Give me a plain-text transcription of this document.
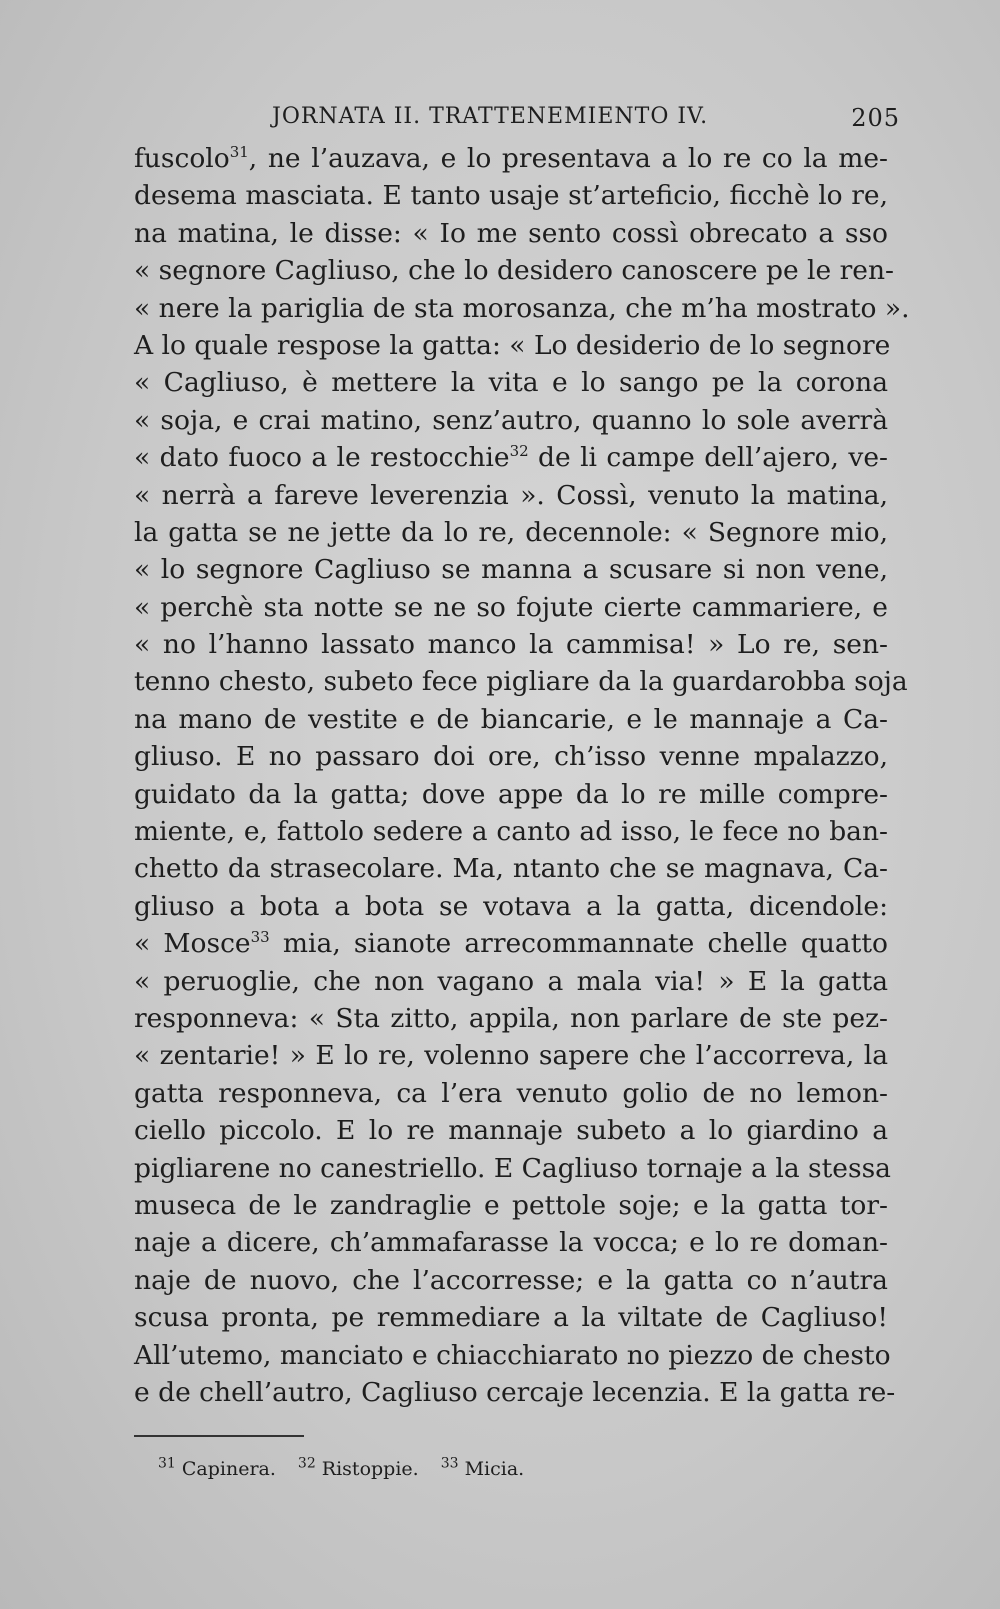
JORNATA II. TRATTENEMIENTO IV.	205
fuscolo$^{31}$, ne l’auzava, e lo presentava a lo re co la me-
desema masciata. E tanto usaje st’arteficio, ficchè lo re,
na matina, le disse: « Io me sento cossì obrecato a sso
« segnore Cagliuso, che lo desidero canoscere pe le ren-
« nere la pariglia de sta morosanza, che m’ha mostrato ».
A lo quale respose la gatta: « Lo desiderio de lo segnore
« Cagliuso, è mettere la vita e lo sango pe la corona
« soja, e crai matino, senz’autro, quanno lo sole averrà
« dato fuoco a le restocchie$^{32}$ de li campe dell’ajero, ve-
« nerrà a fareve leverenzia ». Cossì, venuto la matina,
la gatta se ne jette da lo re, decennole: « Segnore mio,
« lo segnore Cagliuso se manna a scusare si non vene,
« perchè sta notte se ne so fojute cierte cammariere, e
« no l’hanno lassato manco la cammisa! » Lo re, sen-
tenno chesto, subeto fece pigliare da la guardarobba soja
na mano de vestite e de biancarie, e le mannaje a Ca-
gliuso. E no passaro doi ore, ch’isso venne mpalazzo,
guidato da la gatta; dove appe da lo re mille compre-
miente, e, fattolo sedere a canto ad isso, le fece no ban-
chetto da strasecolare. Ma, ntanto che se magnava, Ca-
gliuso a bota a bota se votava a la gatta, dicendole:
« Mosce$^{33}$ mia, sianote arrecommannate chelle quatto
« peruoglie, che non vagano a mala via! » E la gatta
responneva: « Sta zitto, appila, non parlare de ste pez-
« zentarie! » E lo re, volenno sapere che l’accorreva, la
gatta responneva, ca l’era venuto golio de no lemon-
ciello piccolo. E lo re mannaje subeto a lo giardino a
pigliarene no canestriello. E Cagliuso tornaje a la stessa
museca de le zandraglie e pettole soje; e la gatta tor-
naje a dicere, ch’ammafarasse la vocca; e lo re doman-
naje de nuovo, che l’accorresse; e la gatta co n’autra
scusa pronta, pe remmediare a la viltate de Cagliuso!
All’utemo, manciato e chiacchiarato no piezzo de chesto
e de chell’autro, Cagliuso cercaje lecenzia. E la gatta re-
$^{31}$ Capinera. $^{32}$ Ristoppie. $^{33}$ Micia.
